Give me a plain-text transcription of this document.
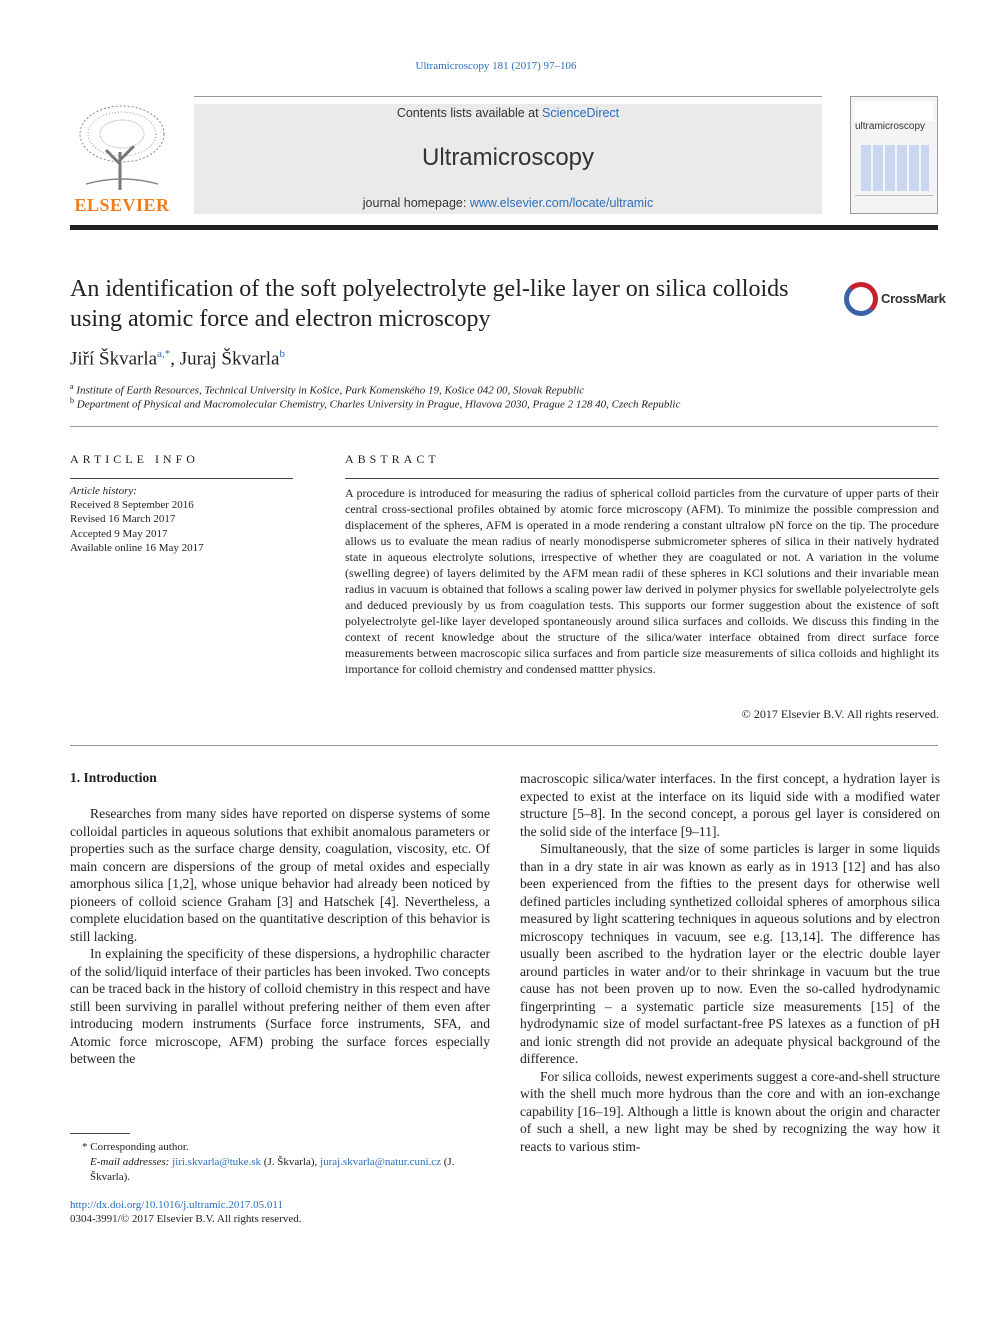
Ultramicroscopy 181 (2017) 97–106
ELSEVIER
Contents lists available at ScienceDirect
Ultramicroscopy
journal homepage: www.elsevier.com/locate/ultramic
ultramicroscopy
An identification of the soft polyelectrolyte gel-like layer on silica colloids using atomic force and electron microscopy
CrossMark
Jiří Škvarla$^{a,*}$, Juraj Škvarla$^b$
$^a$ Institute of Earth Resources, Technical University in Košice, Park Komenského 19, Košice 042 00, Slovak Republic
$^b$ Department of Physical and Macromolecular Chemistry, Charles University in Prague, Hlavova 2030, Prague 2 128 40, Czech Republic
ARTICLE INFO
Article history:
Received 8 September 2016
Revised 16 March 2017
Accepted 9 May 2017
Available online 16 May 2017
ABSTRACT
A procedure is introduced for measuring the radius of spherical colloid particles from the curvature of upper parts of their central cross-sectional profiles obtained by atomic force microscopy (AFM). To minimize the possible compression and displacement of the spheres, AFM is operated in a mode rendering a constant ultralow pN force on the tip. The procedure allows us to evaluate the mean radius of nearly monodisperse submicrometer spheres of silica in their natively hydrated state in aqueous electrolyte solutions, irrespective of whether they are coagulated or not. A variation in the volume (swelling degree) of layers delimited by the AFM mean radii of these spheres in KCl solutions and their invariable mean radius in vacuum is obtained that follows a scaling power law derived in polymer physics for swellable polyelectrolyte gels and deduced previously by us from coagulation tests. This supports our former suggestion about the existence of soft polyelectrolyte gel-like layer developed spontaneously around silica surfaces and colloids. We discuss this finding in the context of recent knowledge about the structure of the silica/water interface obtained from direct surface force measurements between macroscopic silica surfaces and from particle size measurements of silica colloids and highlight its importance for colloid chemistry and condensed mattter physics.
© 2017 Elsevier B.V. All rights reserved.
1. Introduction

Researches from many sides have reported on disperse systems of some colloidal particles in aqueous solutions that exhibit anomalous parameters or properties such as the surface charge density, coagulation, viscosity, etc. Of main concern are dispersions of the group of metal oxides and especially amorphous silica [1,2], whose unique behavior had already been noticed by pioneers of colloid science Graham [3] and Hatschek [4]. Nevertheless, a complete elucidation based on the quantitative description of this behavior is still lacking.

In explaining the specificity of these dispersions, a hydrophilic character of the solid/liquid interface of their particles has been invoked. Two concepts can be traced back in the history of colloid chemistry in this respect and have still been surviving in parallel without prefering neither of them even after introducing modern instruments (Surface force instruments, SFA, and Atomic force microscope, AFM) probing the surface forces especially between the

macroscopic silica/water interfaces. In the first concept, a hydration layer is expected to exist at the interface on its liquid side with a modified water structure [5–8]. In the second concept, a porous gel layer is considered on the solid side of the interface [9–11].

Simultaneously, that the size of some particles is larger in some liquids than in a dry state in air was known as early as in 1913 [12] and has also been experienced from the fifties to the present days for otherwise well defined particles including synthetized colloidal spheres of amorphous silica measured by light scattering techniques in aqueous solutions and by electron microscopy techniques in vacuum, see e.g. [13,14]. The difference has usually been ascribed to the hydration layer or the electric double layer around particles in water and/or to their shrinkage in vacuum but the true cause has not been proven up to now. Even the so-called hydrodynamic fingerprinting – a systematic particle size measurements [15] of the hydrodynamic size of model surfactant-free PS latexes as a function of pH and ionic strength did not provide an adequate physical background of the difference.

For silica colloids, newest experiments suggest a core-and-shell structure with the shell much more hydrous than the core and with an ion-exchange capability [16–19]. Although a little is known about the origin and character of such a shell, a new light may be shed by recognizing the way how it reacts to various stim-

* Corresponding author.
E-mail addresses: jiri.skvarla@tuke.sk (J. Škvarla), juraj.skvarla@natur.cuni.cz (J. Škvarla).
http://dx.doi.org/10.1016/j.ultramic.2017.05.011
0304-3991/© 2017 Elsevier B.V. All rights reserved.
